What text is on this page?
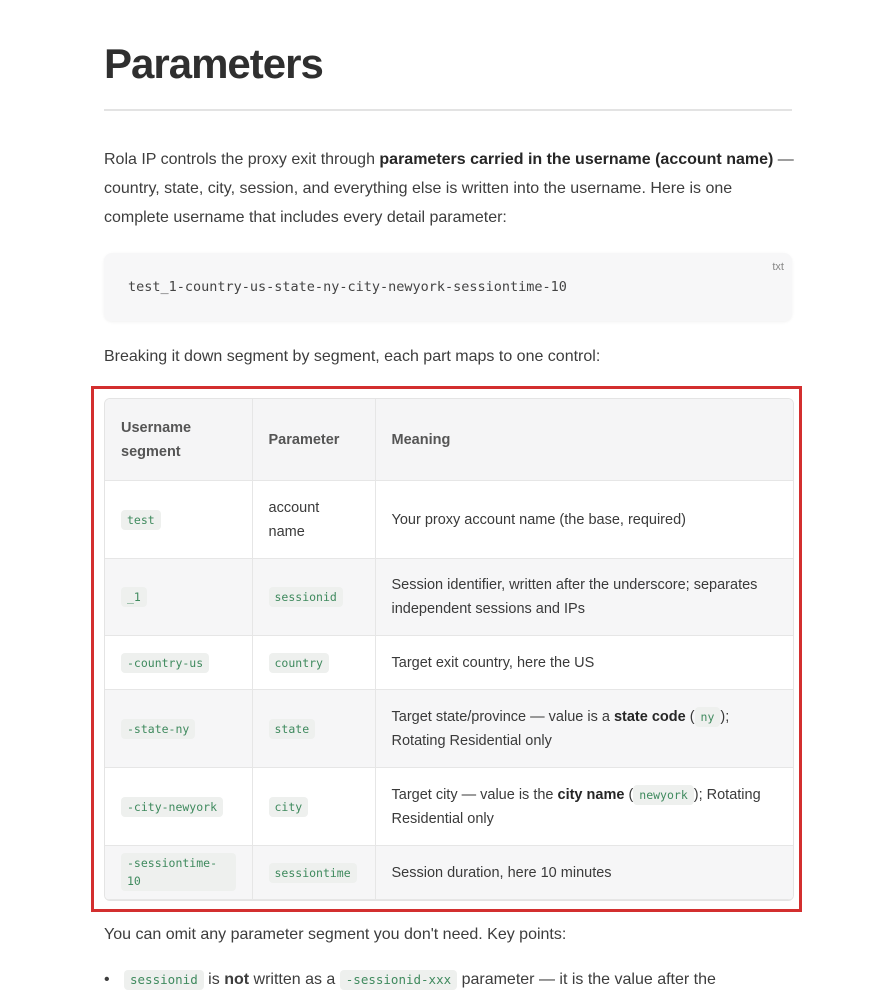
Parameters

Rola IP controls the proxy exit through parameters carried in the username (account name) — country, state, city, session, and everything else is written into the username. Here is one complete username that includes every detail parameter:

txt
test_1-country-us-state-ny-city-newyork-sessiontime-10

Breaking it down segment by segment, each part maps to one control:

Username segment	Parameter	Meaning
test	account name	Your proxy account name (the base, required)
_1	sessionid	Session identifier, written after the underscore; separates independent sessions and IPs
-country-us	country	Target exit country, here the US
-state-ny	state	Target state/province — value is a state code ( ny ); Rotating Residential only
-city-newyork	city	Target city — value is the city name ( newyork ); Rotating Residential only
-sessiontime-10	sessiontime	Session duration, here 10 minutes

You can omit any parameter segment you don't need. Key points:

• sessionid is not written as a -sessionid-xxx parameter — it is the value after the
